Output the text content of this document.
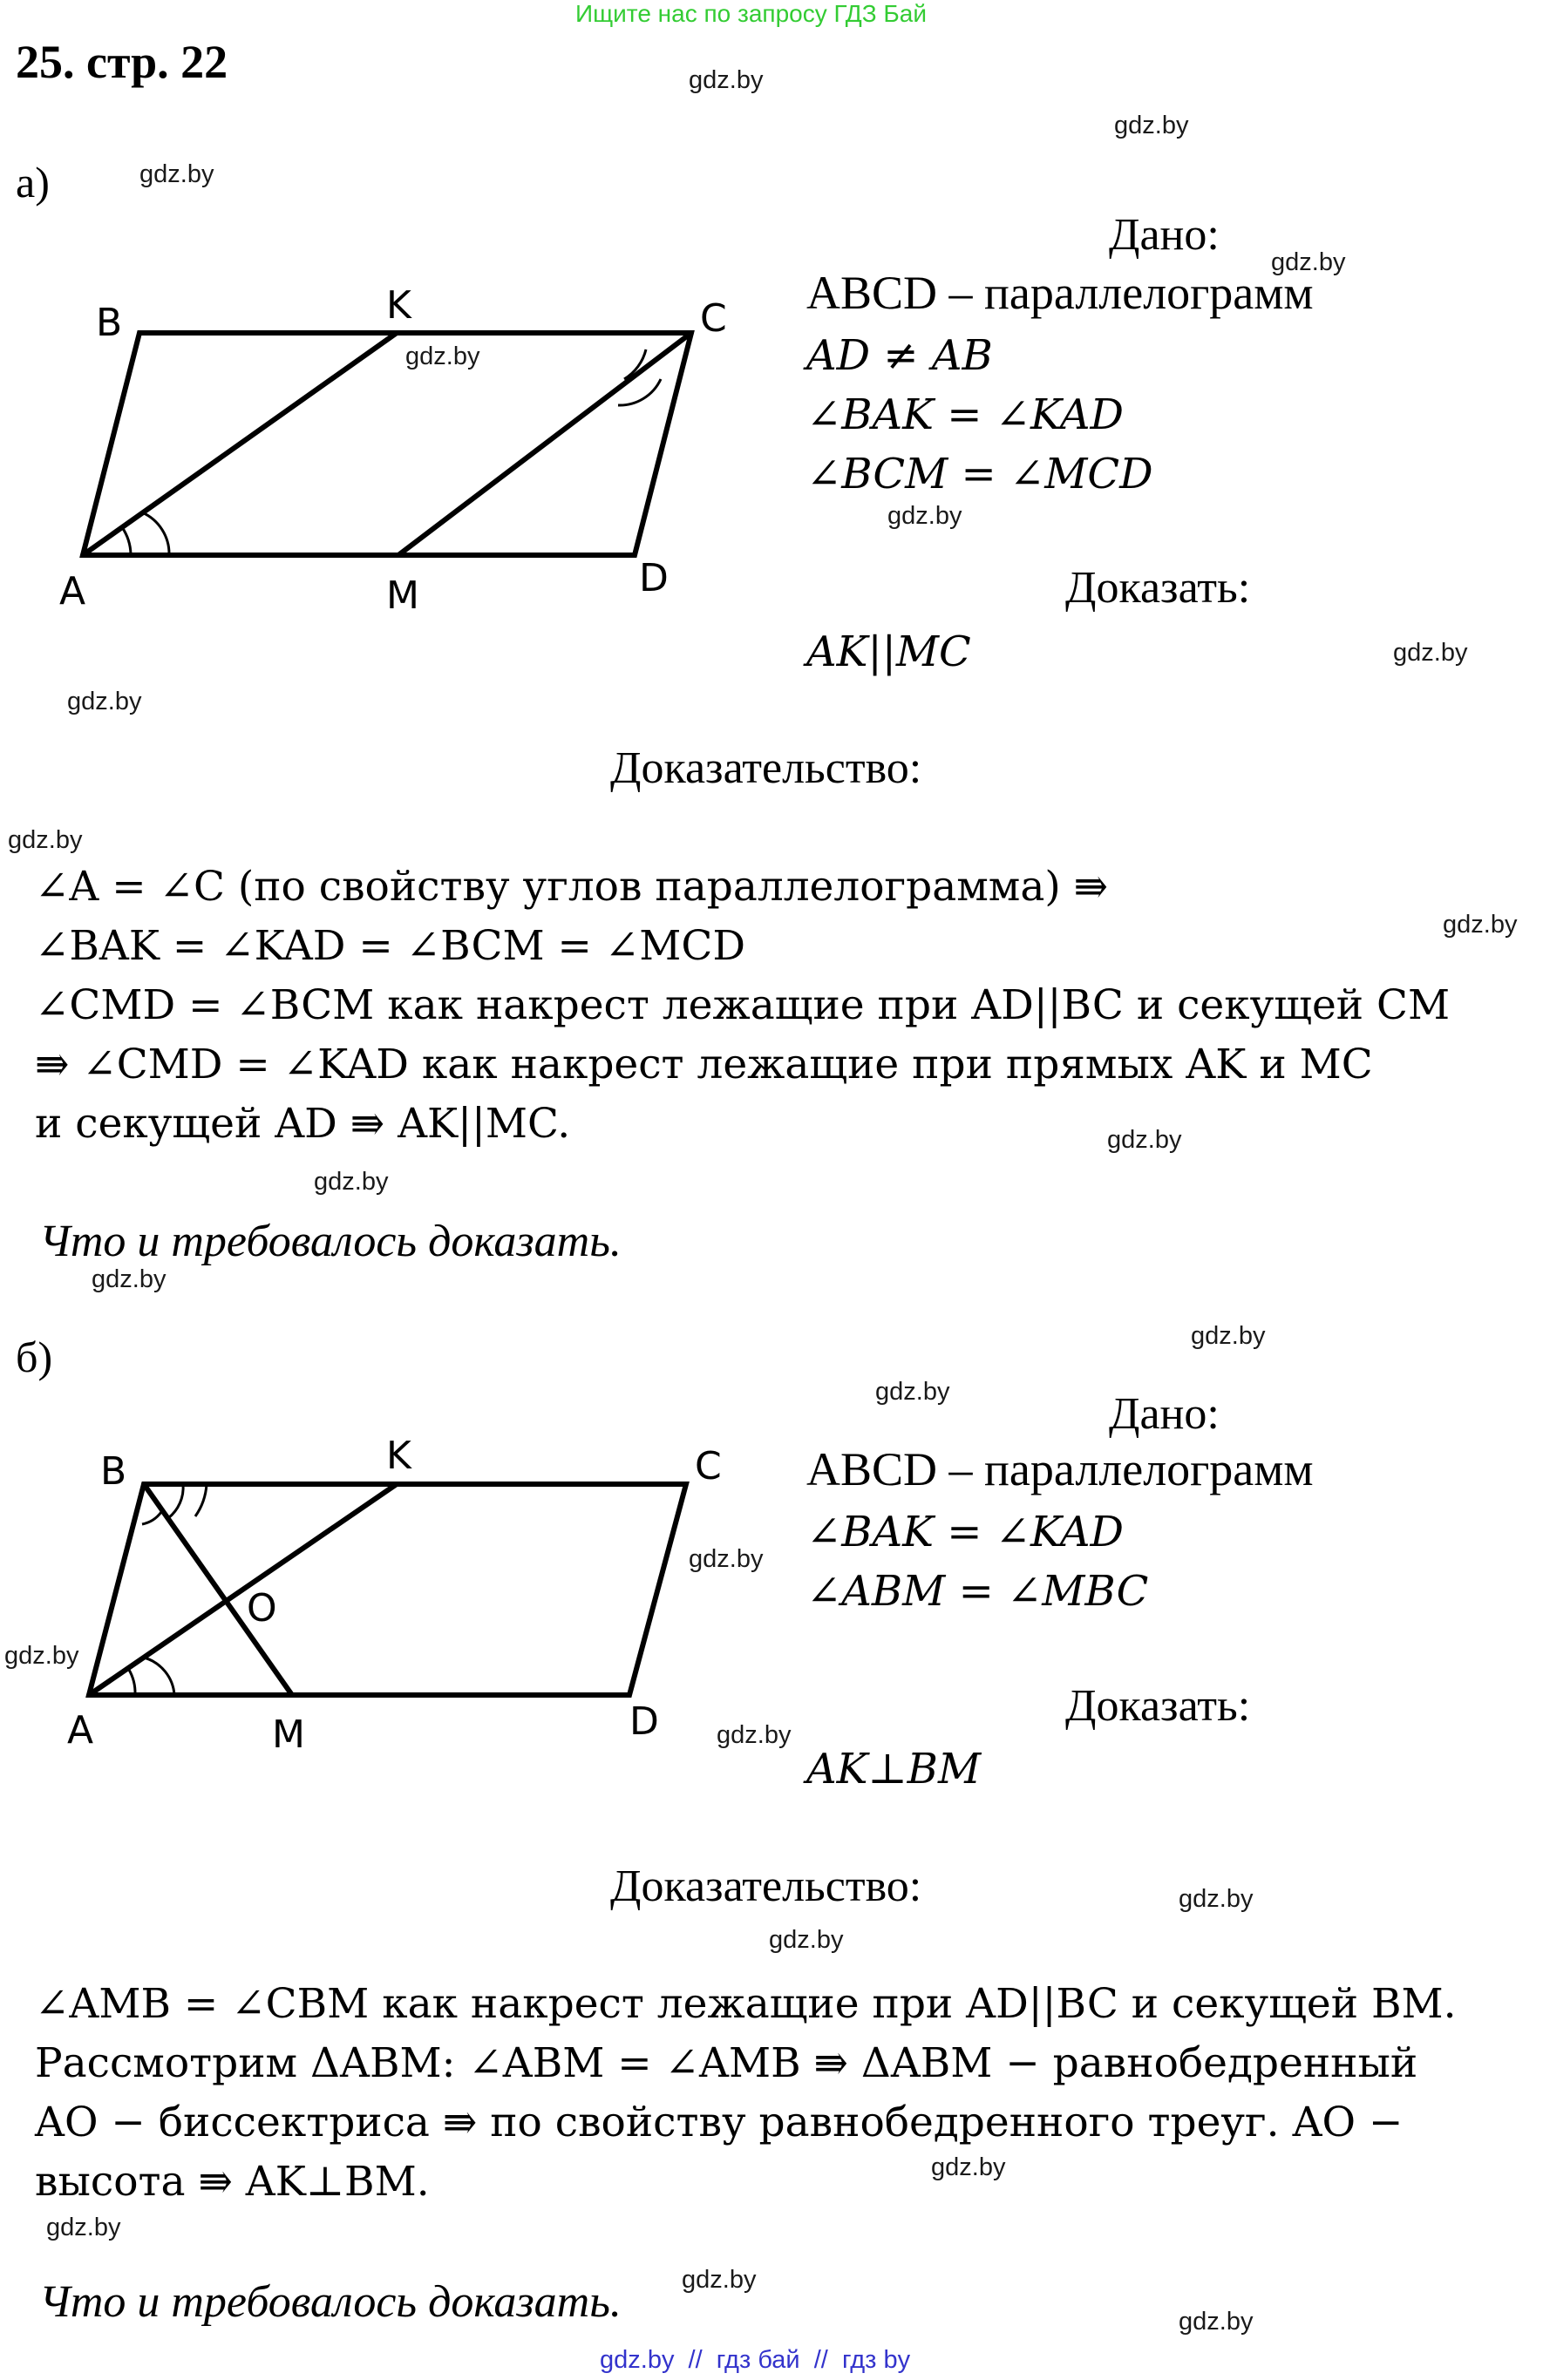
Ищите нас по запросу ГДЗ Бай
25. стр. 22
а)
B	K	C
A	M	D
B	K	C
O
A	M	D
Дано:
ABCD – параллелограмм
AD ≠ AB
∠BAK = ∠KAD
∠BCM = ∠MCD
Доказать:
AK||MC
Доказательство:
∠A = ∠C (по свойству углов параллелограмма) ⇛
∠BAK = ∠KAD = ∠BCM = ∠MCD
∠CMD = ∠BCM как накрест лежащие при AD||BC и секущей CM
⇛ ∠CMD = ∠KAD как накрест лежащие при прямых AK и MC
и секущей AD ⇛ AK||MC.
Что и требовалось доказать.
б)
Дано:
ABCD – параллелограмм
∠BAK = ∠KAD
∠ABM = ∠MBC
Доказать:
AK⊥BM
Доказательство:
∠AMB = ∠CBM как накрест лежащие при AD||BC и секущей BM.
Рассмотрим ΔABM: ∠ABM = ∠AMB ⇛ ΔABM − равнобедренный
AO − биссектриса ⇛ по свойству равнобедренного треуг. AO −
высота ⇛ AK⊥BM.
Что и требовалось доказать.
gdz.by
gdz.by
gdz.by
gdz.by
gdz.by
gdz.by
gdz.by
gdz.by
gdz.by
gdz.by
gdz.by
gdz.by
gdz.by
gdz.by
gdz.by
gdz.by
gdz.by
gdz.by
gdz.by
gdz.by
gdz.by
gdz.by
gdz.by
gdz.by
gdz.by  //  гдз бай  //  гдз by
